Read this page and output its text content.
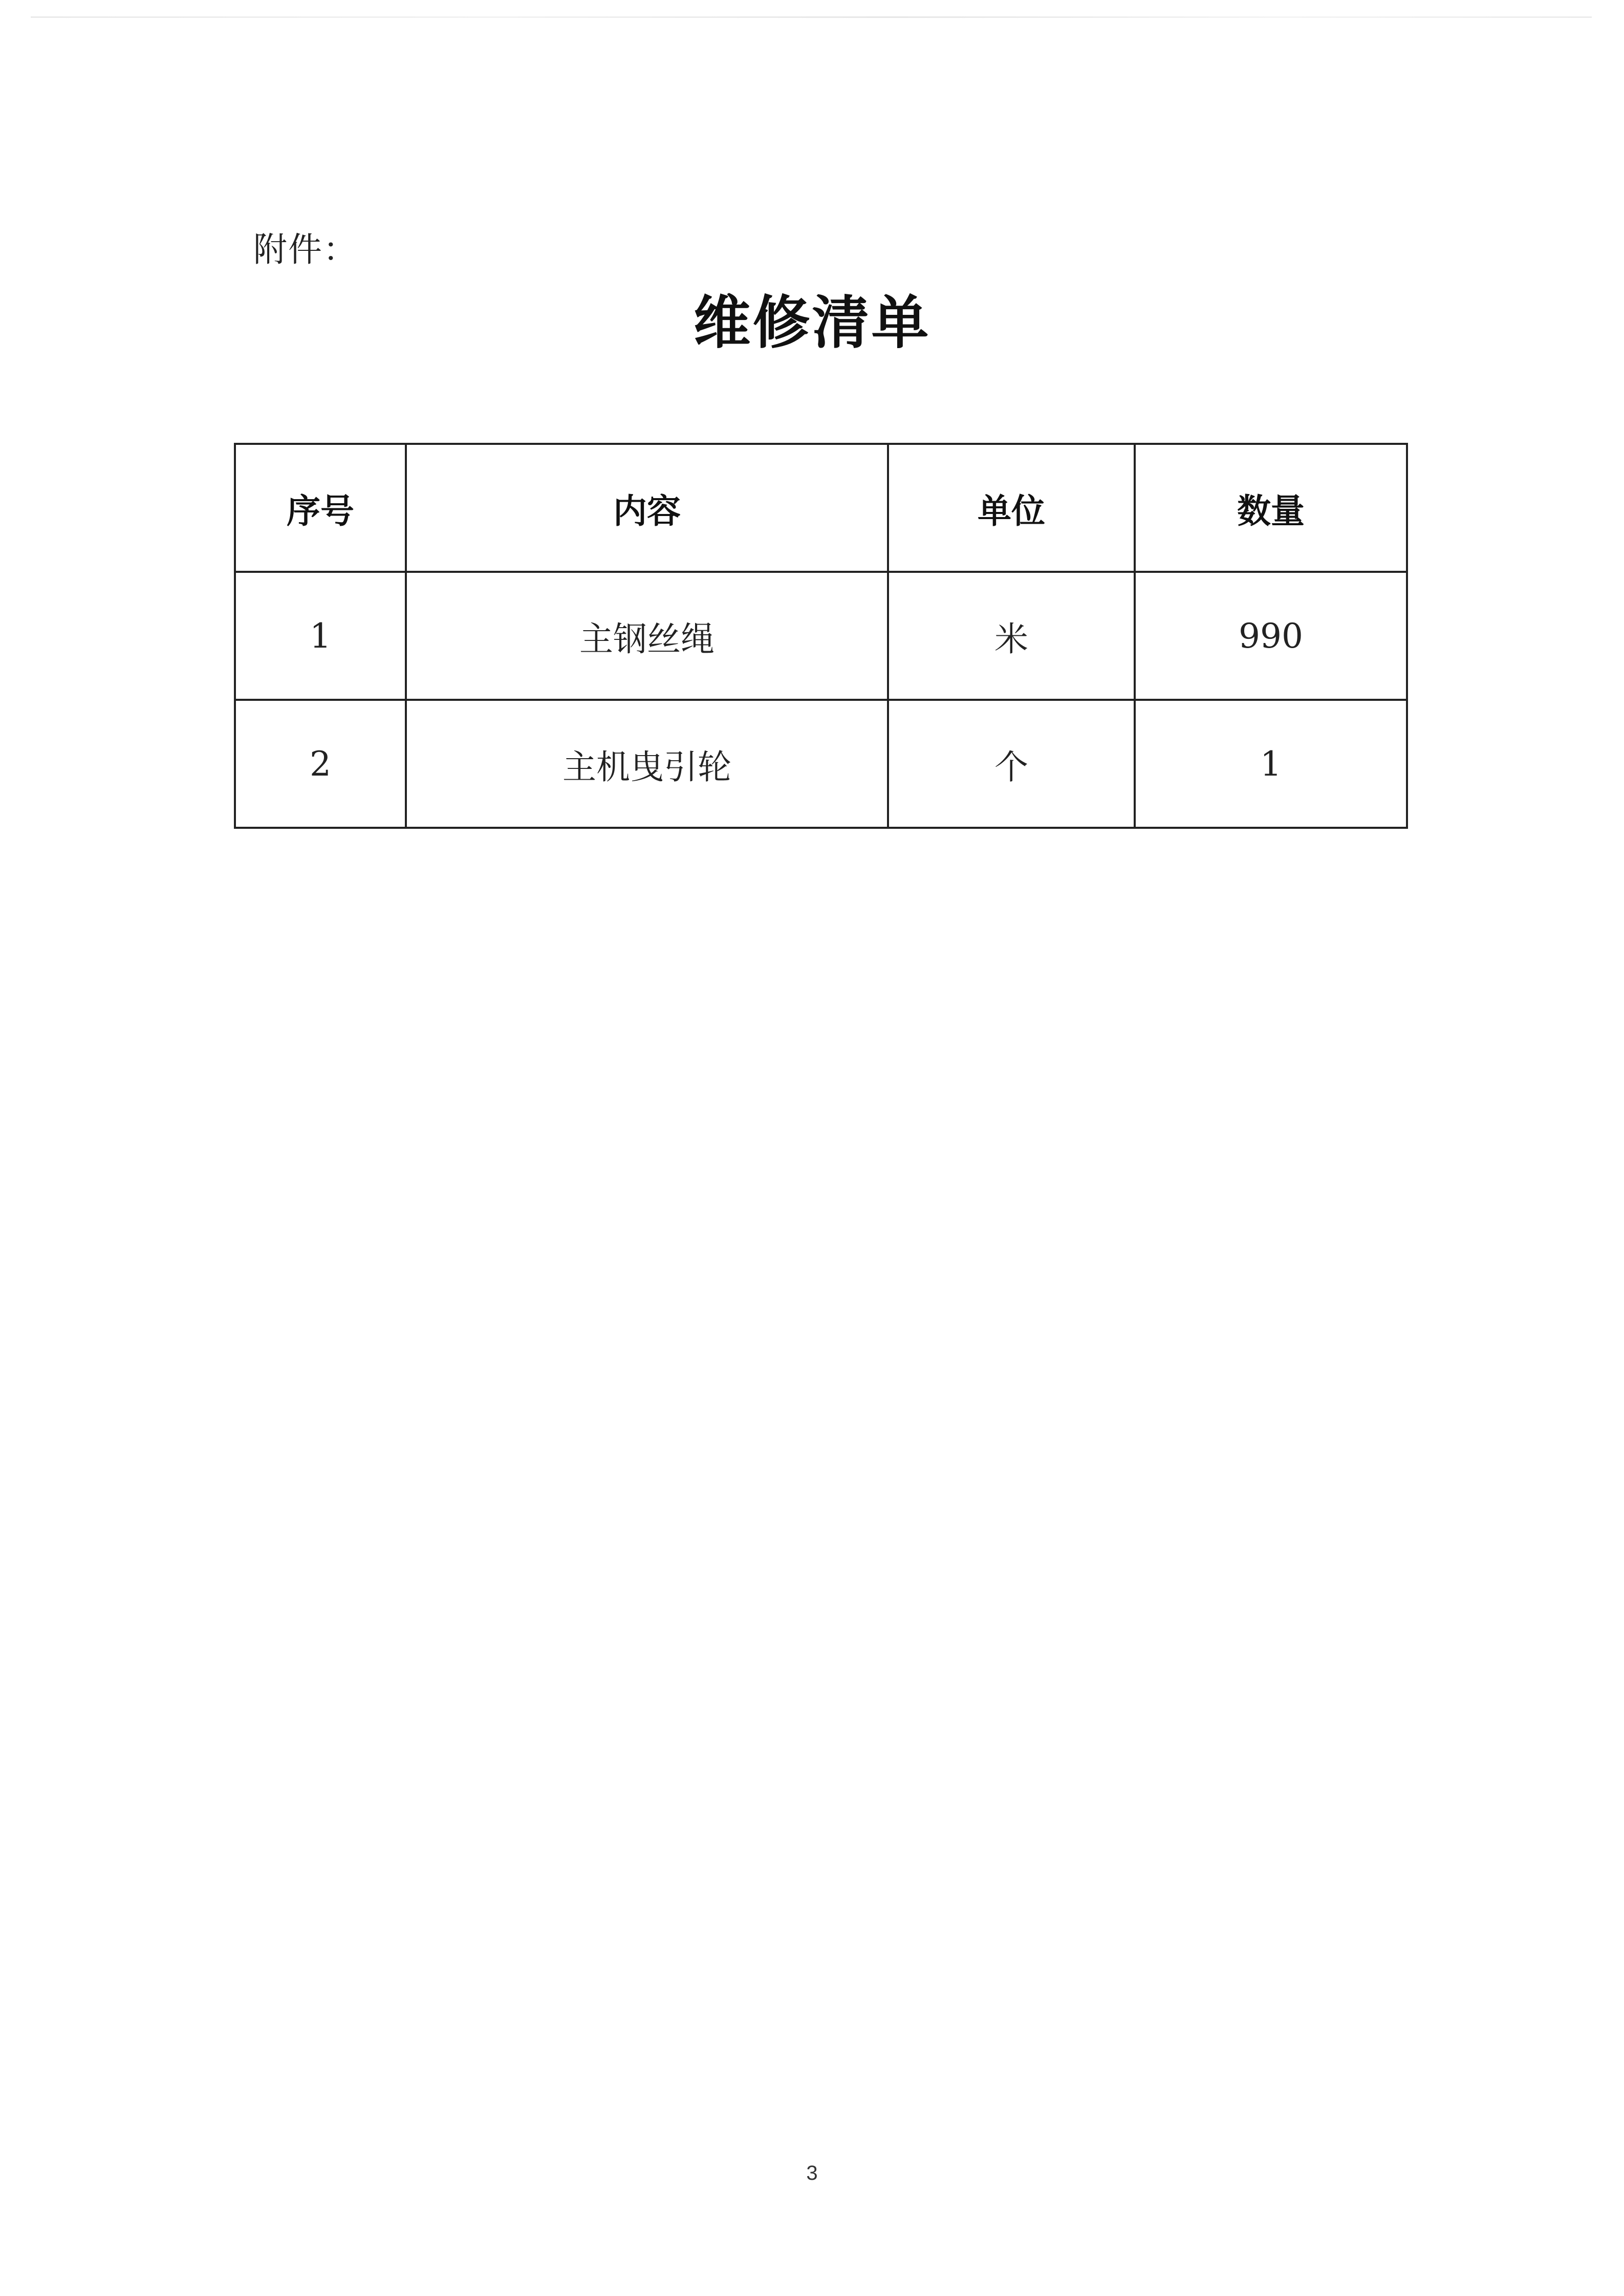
附件：
维修清单
序号	内容	单位	数量
1	主钢丝绳	米	990
2	主机曳引轮	个	1
3
